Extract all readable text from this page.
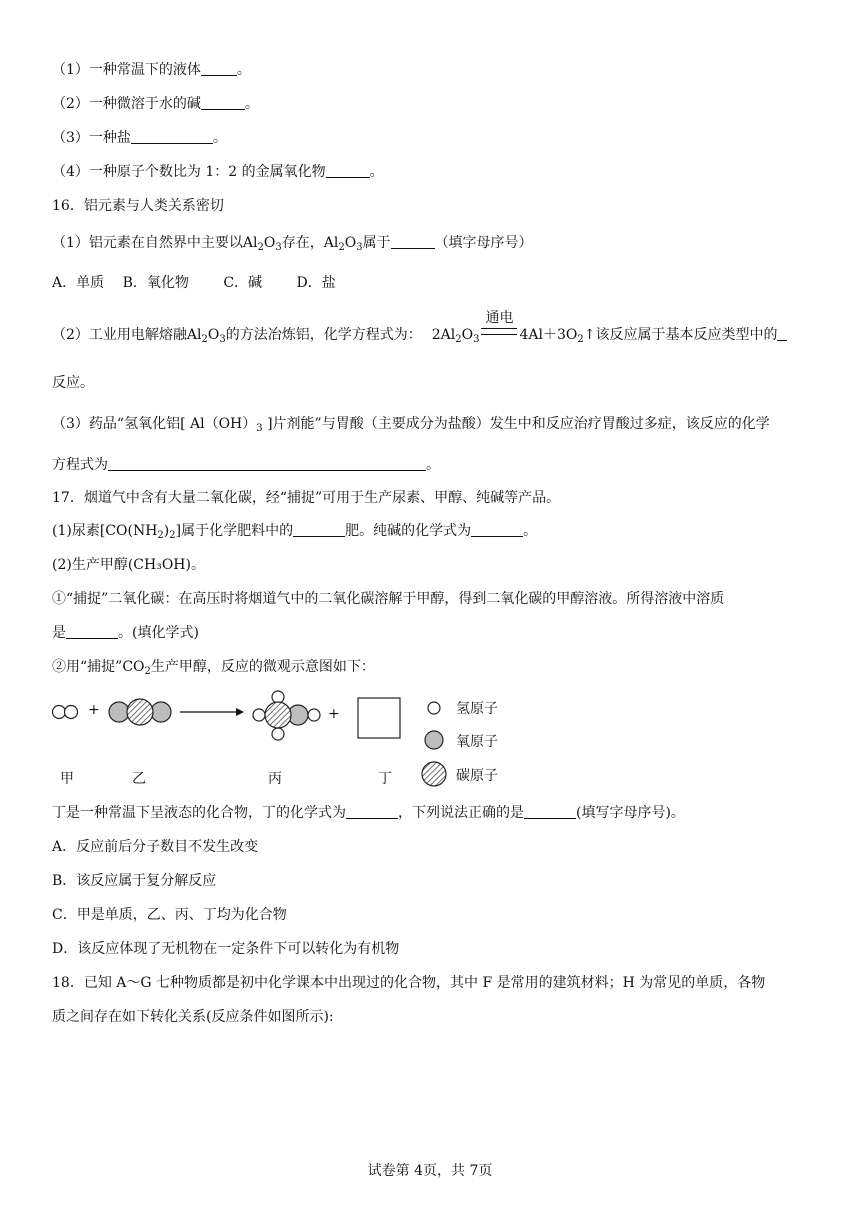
（1）一种常温下的液体	。
（2）一种微溶于水的碱	。
（3）一种盐	。
（4）一种原子个数比为 1：2 的金属氧化物	。
16．铝元素与人类关系密切
（1）铝元素在自然界中主要以$Al_2O_3$存在，$Al_2O_3$属于	（填字母序号）
A．单质 B．氧化物 C．碱 D．盐
（2）工业用电解熔融$Al_2O_3$的方法冶炼铝，化学方程式为： $2Al_2O_3$
通电
$4Al+3O_2↑$该反应属于基本反应类型中的
反应。
（3）药品“氢氧化铝[ $Al(OH)_3$ ]片剂能”与胃酸（主要成分为盐酸）发生中和反应治疗胃酸过多症，该反应的化学
方程式为	。
17．烟道气中含有大量二氧化碳，经“捕捉”可用于生产尿素、甲醇、纯碱等产品。
(1)尿素$[CO(NH_2)_2]$属于化学肥料中的	肥。纯碱的化学式为	。
(2)生产甲醇(CH₃OH)。
①“捕捉”二氧化碳：在高压时将烟道气中的二氧化碳溶解于甲醇，得到二氧化碳的甲醇溶液。所得溶液中溶质
是	。(填化学式)
②用“捕捉$”CO_2$生产甲醇，反应的微观示意图如下：
+	+
甲	乙	丙	丁
氢原子
氧原子
碳原子
丁是一种常温下呈液态的化合物，丁的化学式为	，下列说法正确的是	(填写字母序号)。
A．反应前后分子数目不发生改变
B．该反应属于复分解反应
C．甲是单质，乙、丙、丁均为化合物
D．该反应体现了无机物在一定条件下可以转化为有机物
18．已知 A～G 七种物质都是初中化学课本中出现过的化合物，其中 F 是常用的建筑材料；H 为常见的单质，各物
质之间存在如下转化关系(反应条件如图所示):
试卷第 4页，共 7页
